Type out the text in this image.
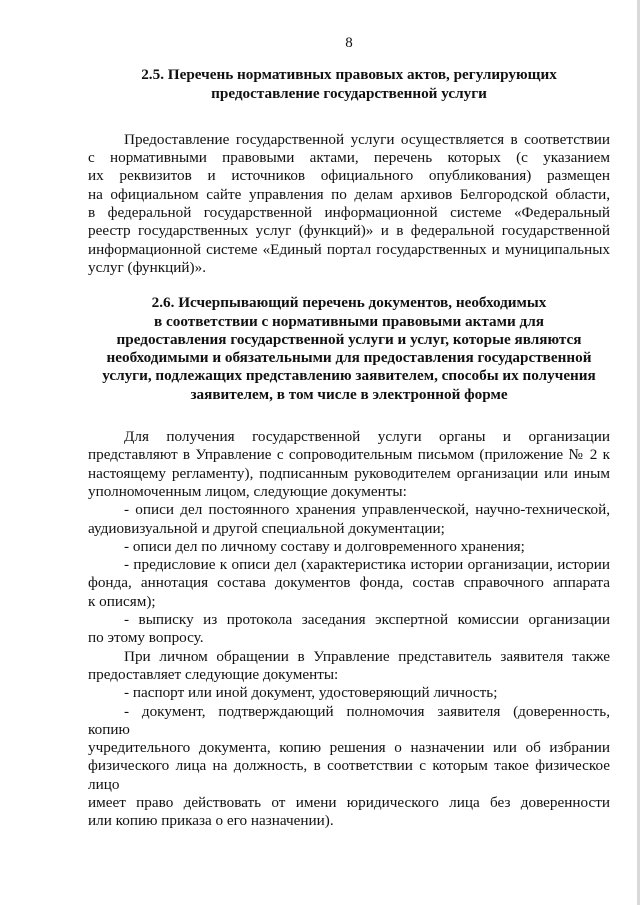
8
2.5. Перечень нормативных правовых актов, регулирующих
предоставление государственной услуги

Предоставление государственной услуги осуществляется в соответствии
с нормативными правовыми актами, перечень которых (с указанием
их реквизитов и источников официального опубликования) размещен
на официальном сайте управления по делам архивов Белгородской области,
в федеральной государственной информационной системе «Федеральный
реестр государственных услуг (функций)» и в федеральной государственной
информационной системе «Единый портал государственных и муниципальных
услуг (функций)».

2.6. Исчерпывающий перечень документов, необходимых
в соответствии с нормативными правовыми актами для
предоставления государственной услуги и услуг, которые являются
необходимыми и обязательными для предоставления государственной
услуги, подлежащих представлению заявителем, способы их получения
заявителем, в том числе в электронной форме

Для получения государственной услуги органы и организации
представляют в Управление с сопроводительным письмом (приложение № 2 к
настоящему регламенту), подписанным руководителем организации или иным
уполномоченным лицом, следующие документы:

- описи дел постоянного хранения управленческой, научно-технической,
аудиовизуальной и другой специальной документации;

- описи дел по личному составу и долговременного хранения;

- предисловие к описи дел (характеристика истории организации, истории
фонда, аннотация состава документов фонда, состав справочного аппарата
к описям);

- выписку из протокола заседания экспертной комиссии организации
по этому вопросу.

При личном обращении в Управление представитель заявителя также
предоставляет следующие документы:

- паспорт или иной документ, удостоверяющий личность;

- документ, подтверждающий полномочия заявителя (доверенность, копию
учредительного документа, копию решения о назначении или об избрании
физического лица на должность, в соответствии с которым такое физическое лицо
имеет право действовать от имени юридического лица без доверенности
или копию приказа о его назначении).
